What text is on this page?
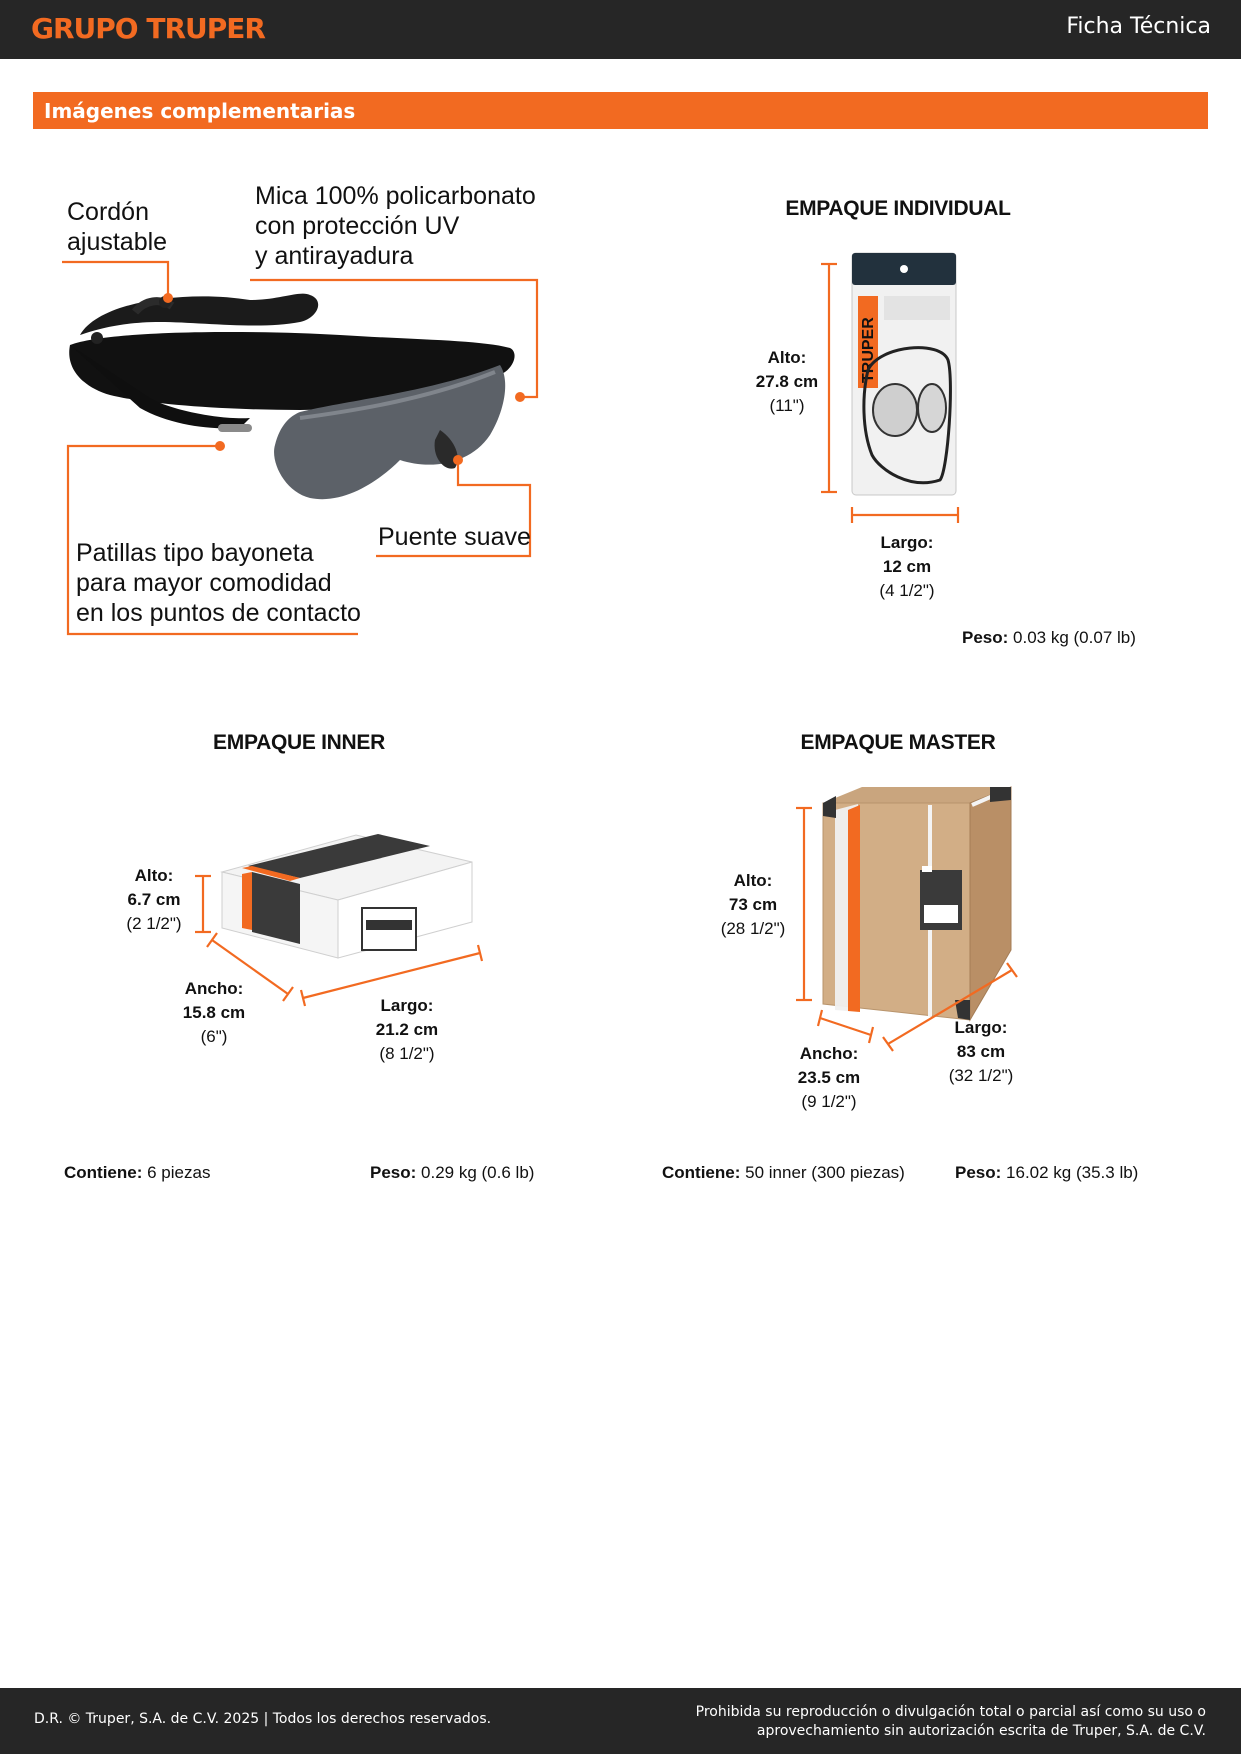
GRUPO TRUPER	Ficha Técnica
Imágenes complementarias
TRUPER
Cordón
ajustable
Mica 100% policarbonato
con protección UV
y antirayadura
Puente suave
Patillas tipo bayoneta
para mayor comodidad
en los puntos de contacto
EMPAQUE INDIVIDUAL
Alto:
27.8 cm
(11")
Largo:
12 cm
(4 1/2")
Peso: 0.03 kg (0.07 lb)
EMPAQUE INNER
Alto:
6.7 cm
(2 1/2")
Ancho:
15.8 cm
(6")
Largo:
21.2 cm
(8 1/2")
Contiene: 6 piezas	Peso: 0.29 kg (0.6 lb)
EMPAQUE MASTER
Alto:
73 cm
(28 1/2")
Ancho:
23.5 cm
(9 1/2")
Largo:
83 cm
(32 1/2")
Contiene: 50 inner (300 piezas)	Peso: 16.02 kg (35.3 lb)
D.R. © Truper, S.A. de C.V. 2025 | Todos los derechos reservados.	Prohibida su reproducción o divulgación total o parcial así como su uso o aprovechamiento sin autorización escrita de Truper, S.A. de C.V.
